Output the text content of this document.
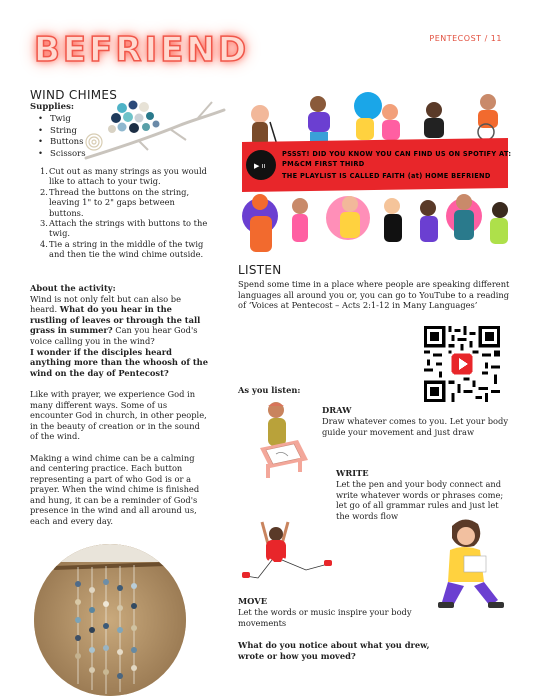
BEFRIEND	PENTECOST / 11
WIND CHIMES
Supplies:
• Twig
• String
• Buttons
• Scissors
1. Cut out as many strings as you would like to attach to your twig.
2. Thread the buttons on the string, leaving 1" to 2" gaps between buttons.
3. Attach the strings with buttons to the twig.
4. Tie a string in the middle of the twig and then tie the wind chime outside.
About the activity:
Wind is not only felt but can also be heard. What do you hear in the rustling of leaves or through the tall grass in summer? Can you hear God's voice calling you in the wind?
I wonder if the disciples heard anything more than the whoosh of the wind on the day of Pentecost?
Like with prayer, we experience God in many different ways. Some of us encounter God in church, in other people, in the beauty of creation or in the sound of the wind.
Making a wind chime can be a calming and centering practice. Each button representing a part of who God is or a prayer. When the wind chime is finished and hung, it can be a reminder of God's presence in the wind and all around us, each and every day.
▶ ıı
PSSST! DID YOU KNOW YOU CAN FIND US ON SPOTIFY AT:
PM&CM FIRST THIRD
THE PLAYLIST IS CALLED FAITH (at) HOME BEFRIEND
LISTEN
Spend some time in a place where people are speaking different languages all around you or, you can go to YouTube to a reading of ‘Voices at Pentecost – Acts 2:1-12 in Many Languages’
As you listen:
DRAW
Draw whatever comes to you. Let your body guide your movement and just draw
WRITE
Let the pen and your body connect and write whatever words or phrases come; let go of all grammar rules and just let the words flow
MOVE
Let the words or music inspire your body movements
What do you notice about what you drew, wrote or how you moved?
